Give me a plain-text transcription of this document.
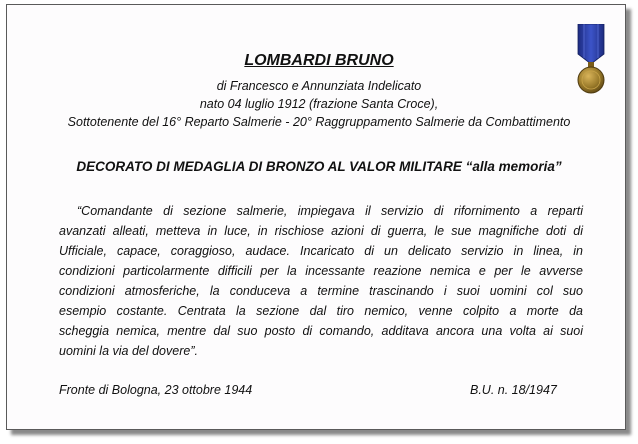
LOMBARDI BRUNO
di Francesco e Annunziata Indelicato
nato 04 luglio 1912 (frazione Santa Croce),
Sottotenente del 16° Reparto Salmerie - 20° Raggruppamento Salmerie da Combattimento
DECORATO DI MEDAGLIA DI BRONZO AL VALOR MILITARE “alla memoria”
“Comandante di sezione salmerie, impiegava il servizio di rifornimento a reparti
avanzati alleati, metteva in luce, in rischiose azioni di guerra, le sue magnifiche doti di
Ufficiale, capace, coraggioso, audace. Incaricato di un delicato servizio in linea, in
condizioni particolarmente difficili per la incessante reazione nemica e per le avverse
condizioni atmosferiche, la conduceva a termine trascinando i suoi uomini col suo
esempio costante. Centrata la sezione dal tiro nemico, venne colpito a morte da
scheggia nemica, mentre dal suo posto di comando, additava ancora una volta ai suoi
uomini la via del dovere”.
Fronte di Bologna, 23 ottobre 1944	B.U. n. 18/1947
